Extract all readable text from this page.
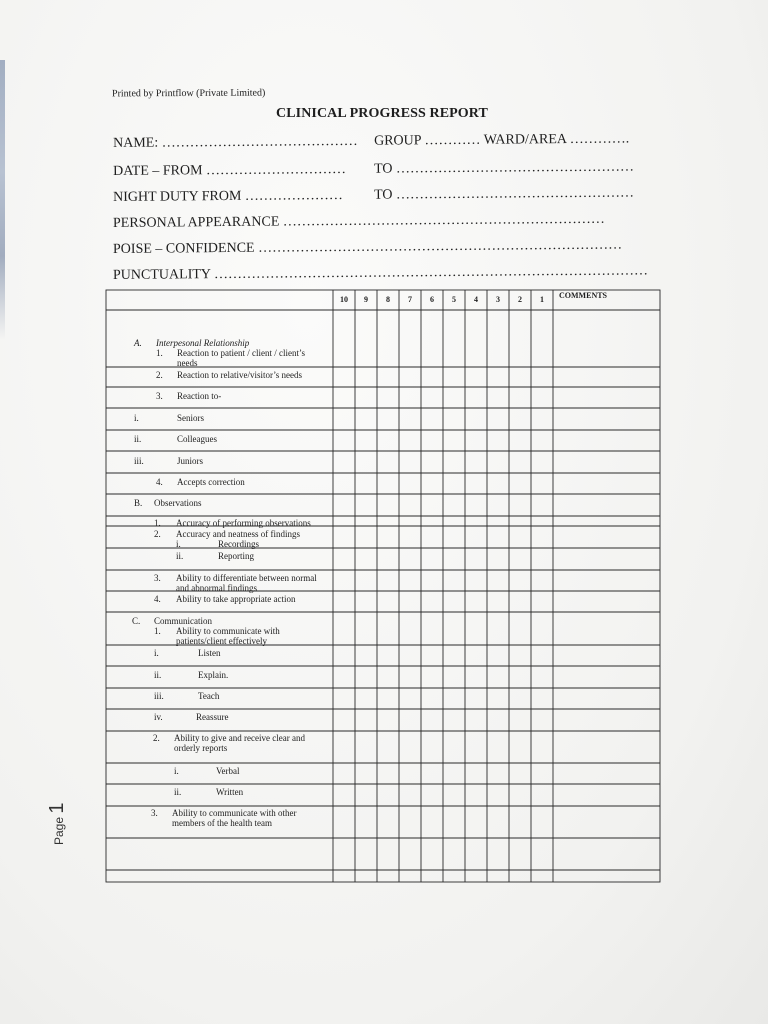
Printed by Printflow (Private Limited)
CLINICAL PROGRESS REPORT
NAME: …………………………………… GROUP ………… WARD/AREA ………….
DATE – FROM ………………………… TO ……………………………………………
NIGHT DUTY FROM ………………… TO ……………………………………………
PERSONAL APPEARANCE ……………………………………………………………
POISE – CONFIDENCE ……………………………………………………………………
PUNCTUALITY …………………………………………………………………………………
10	9	8	7	6	5	4	3	2	1	COMMENTS
A. Interpesonal Relationship
1. Reaction to patient / client / client’s
needs
2. Reaction to relative/visitor’s needs
3. Reaction to-
i.	Seniors
ii.	Colleagues
iii.	Juniors
4. Accepts correction
B. Observations
1. Accuracy of performing observations
2. Accuracy and neatness of findings
i.	Recordings
ii.	Reporting
3. Ability to differentiate between normal
and abnormal findings
4. Ability to take appropriate action
C. Communication
1. Ability to communicate with
patients/client effectively
i.	Listen
ii.	Explain.
iii.	Teach
iv.	Reassure
2. Ability to give and receive clear and
orderly reports
i.	Verbal
ii.	Written
3. Ability to communicate with other
members of the health team
Page 1
